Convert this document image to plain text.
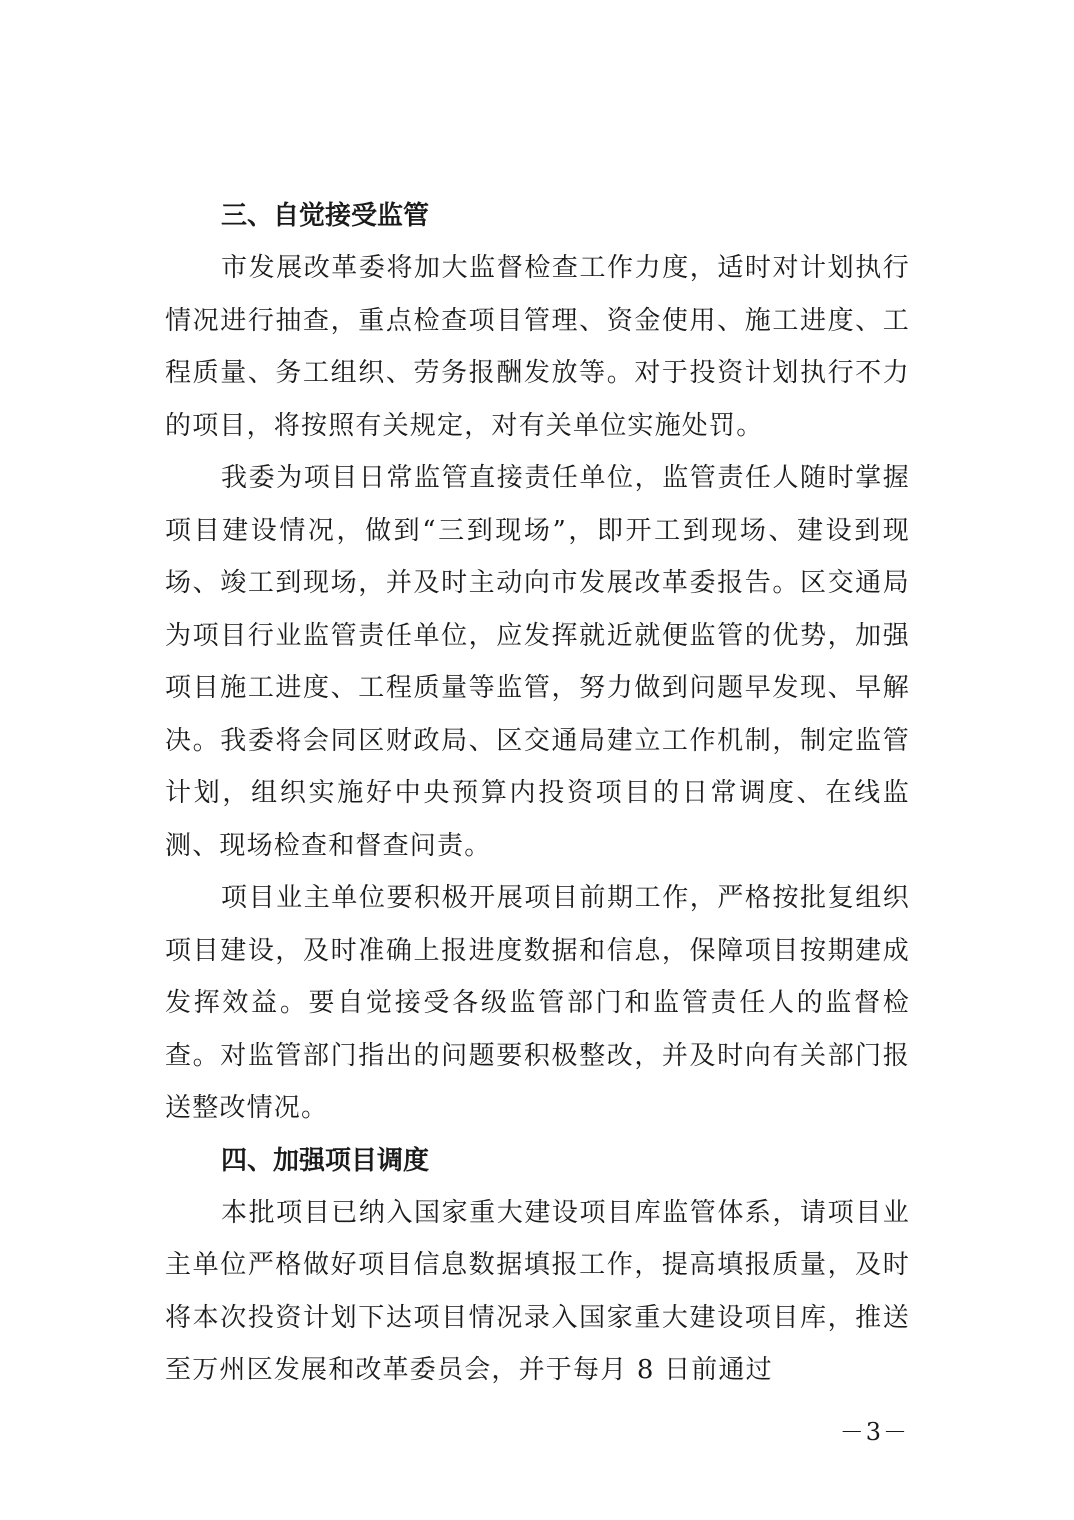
三、自觉接受监管

市发展改革委将加大监督检查工作力度，适时对计划执行情况进行抽查，重点检查项目管理、资金使用、施工进度、工程质量、务工组织、劳务报酬发放等。对于投资计划执行不力的项目，将按照有关规定，对有关单位实施处罚。

我委为项目日常监管直接责任单位，监管责任人随时掌握项目建设情况，做到“三到现场”，即开工到现场、建设到现场、竣工到现场，并及时主动向市发展改革委报告。区交通局为项目行业监管责任单位，应发挥就近就便监管的优势，加强项目施工进度、工程质量等监管，努力做到问题早发现、早解决。我委将会同区财政局、区交通局建立工作机制，制定监管计划，组织实施好中央预算内投资项目的日常调度、在线监测、现场检查和督查问责。

项目业主单位要积极开展项目前期工作，严格按批复组织项目建设，及时准确上报进度数据和信息，保障项目按期建成发挥效益。要自觉接受各级监管部门和监管责任人的监督检查。对监管部门指出的问题要积极整改，并及时向有关部门报送整改情况。

四、加强项目调度

本批项目已纳入国家重大建设项目库监管体系，请项目业主单位严格做好项目信息数据填报工作，提高填报质量，及时将本次投资计划下达项目情况录入国家重大建设项目库，推送至万州区发展和改革委员会，并于每月 8 日前通过

－3－
